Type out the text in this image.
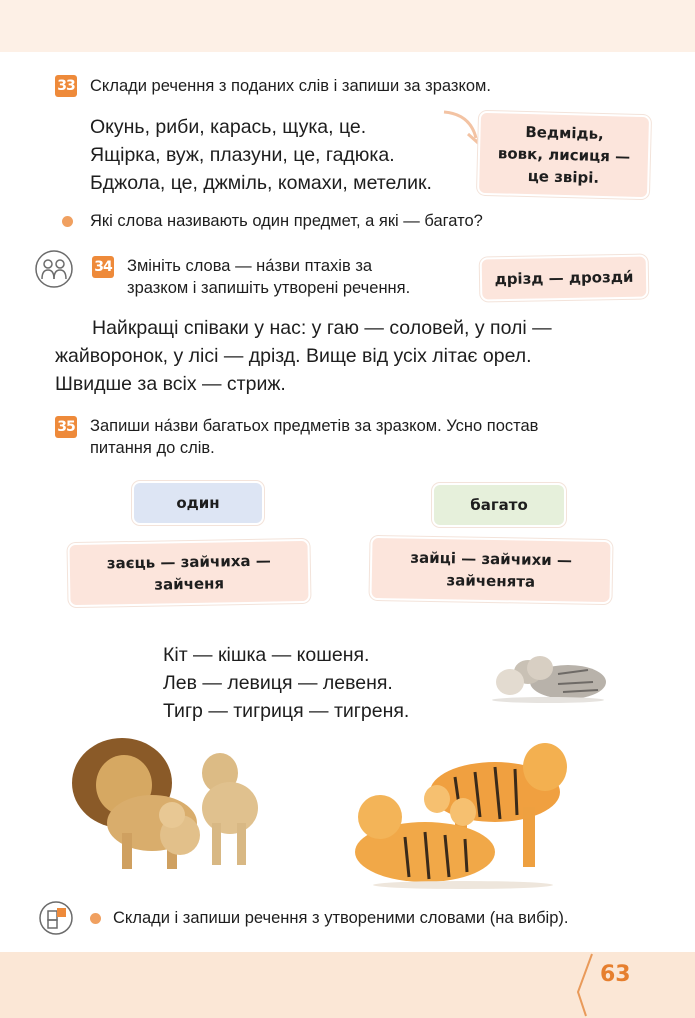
33 Склади речення з поданих слів і запиши за зразком.
Окунь, риби, карась, щука, це.
Ящірка, вуж, плазуни, це, гадюка.
Бджола, це, джміль, комахи, метелик.
Ведмідь,
вовк, лисиця —
це звірі.
Які слова називають один предмет, а які — багато?
34 Змініть слова — на́зви птахів за
зразком і запишіть утворені речення.	дрізд — дрозди́
Найкращі співаки у нас: у гаю — соловей, у полі —
жайворонок, у лісі — дрізд. Вище від усіх літає орел.
Швидше за всіх — стриж.
35 Запиши на́зви багатьох предметів за зразком. Усно постав
питання до слів.
один	багато
заєць — зайчиха —
зайченя
зайці — зайчихи —
зайченята
Кіт — кішка — кошеня.
Лев — левиця — левеня.
Тигр — тигриця — тигреня.
Склади і запиши речення з утвореними словами (на вибір).
63
